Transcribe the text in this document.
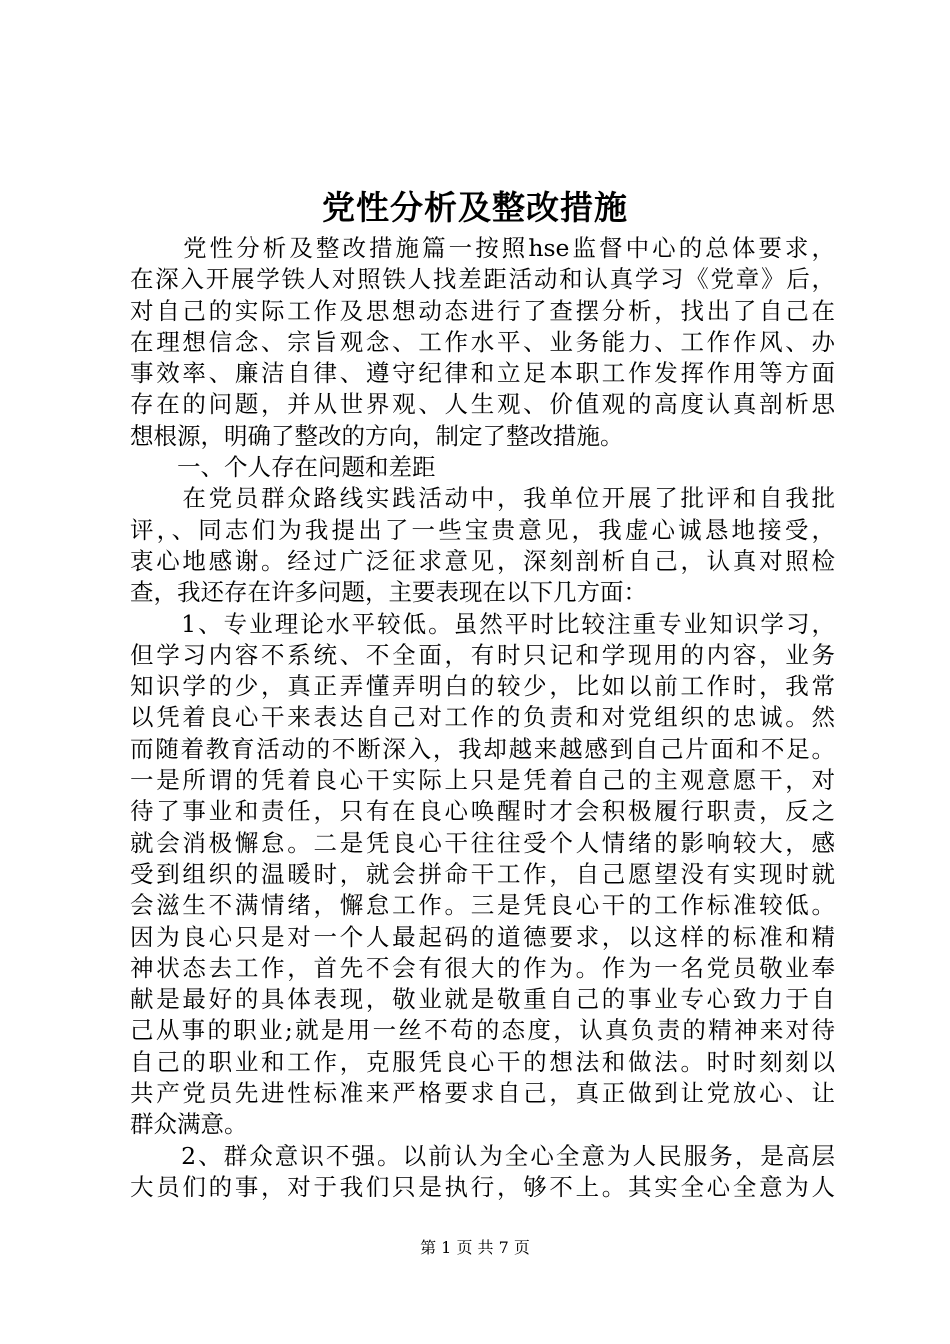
党性分析及整改措施
　　党性分析及整改措施篇一按照hse监督中心的总体要求，
在深入开展学铁人对照铁人找差距活动和认真学习《党章》后，
对自己的实际工作及思想动态进行了查摆分析，找出了自己在
在理想信念、宗旨观念、工作水平、业务能力、工作作风、办
事效率、廉洁自律、遵守纪律和立足本职工作发挥作用等方面
存在的问题，并从世界观、人生观、价值观的高度认真剖析思
想根源，明确了整改的方向，制定了整改措施。
　　一、个人存在问题和差距
　　在党员群众路线实践活动中，我单位开展了批评和自我批
评，、同志们为我提出了一些宝贵意见，我虚心诚恳地接受，
衷心地感谢。经过广泛征求意见，深刻剖析自己，认真对照检
查，我还存在许多问题，主要表现在以下几方面：
　　1、专业理论水平较低。虽然平时比较注重专业知识学习，
但学习内容不系统、不全面，有时只记和学现用的内容，业务
知识学的少，真正弄懂弄明白的较少，比如以前工作时，我常
以凭着良心干来表达自己对工作的负责和对党组织的忠诚。然
而随着教育活动的不断深入，我却越来越感到自己片面和不足。
一是所谓的凭着良心干实际上只是凭着自己的主观意愿干，对
待了事业和责任，只有在良心唤醒时才会积极履行职责，反之
就会消极懈怠。二是凭良心干往往受个人情绪的影响较大，感
受到组织的温暖时，就会拼命干工作，自己愿望没有实现时就
会滋生不满情绪，懈怠工作。三是凭良心干的工作标准较低。
因为良心只是对一个人最起码的道德要求，以这样的标准和精
神状态去工作，首先不会有很大的作为。作为一名党员敬业奉
献是最好的具体表现，敬业就是敬重自己的事业专心致力于自
己从事的职业;就是用一丝不苟的态度，认真负责的精神来对待
自己的职业和工作，克服凭良心干的想法和做法。时时刻刻以
共产党员先进性标准来严格要求自己，真正做到让党放心、让
群众满意。
　　2、群众意识不强。以前认为全心全意为人民服务，是高层
大员们的事，对于我们只是执行，够不上。其实全心全意为人
第 1 页 共 7 页
